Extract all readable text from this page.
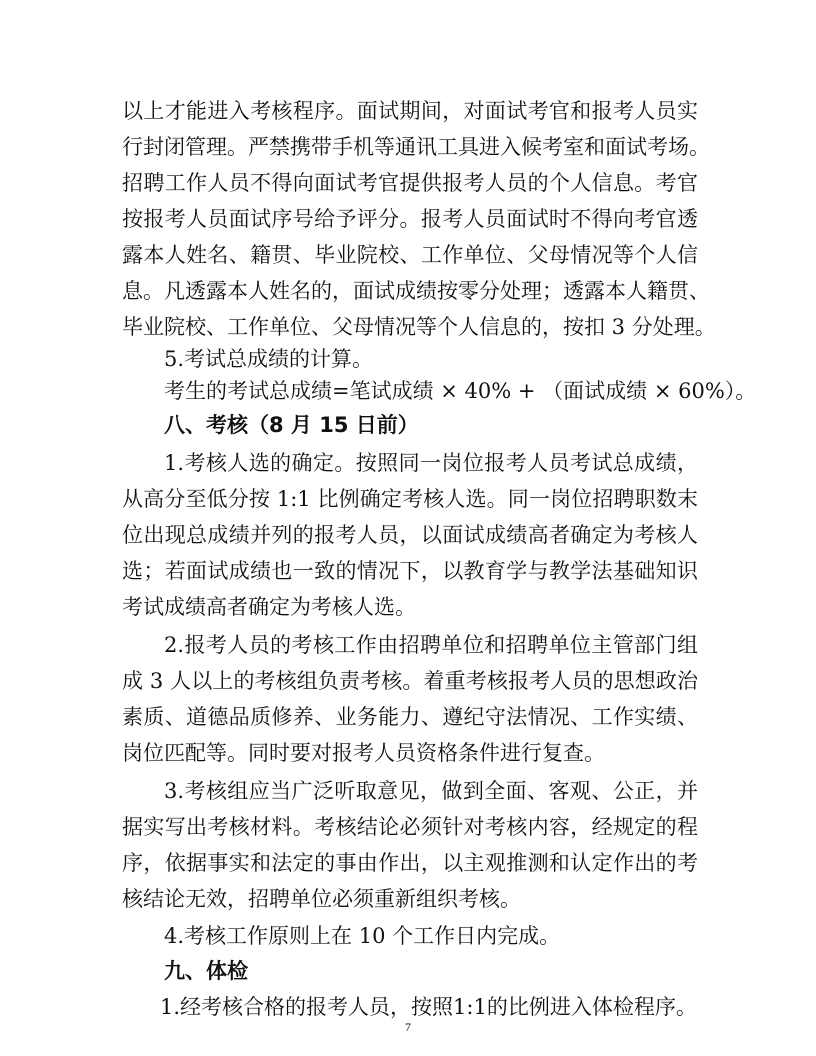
以上才能进入考核程序。面试期间，对面试考官和报考人员实
行封闭管理。严禁携带手机等通讯工具进入候考室和面试考场。
招聘工作人员不得向面试考官提供报考人员的个人信息。考官
按报考人员面试序号给予评分。报考人员面试时不得向考官透
露本人姓名、籍贯、毕业院校、工作单位、父母情况等个人信
息。凡透露本人姓名的，面试成绩按零分处理；透露本人籍贯、
毕业院校、工作单位、父母情况等个人信息的，按扣 3 分处理。
5.考试总成绩的计算。
考生的考试总成绩=笔试成绩 × 40% + （面试成绩 × 60%）。
八、考核（8 月 15 日前）
1.考核人选的确定。按照同一岗位报考人员考试总成绩，
从高分至低分按 1:1 比例确定考核人选。同一岗位招聘职数末
位出现总成绩并列的报考人员，以面试成绩高者确定为考核人
选；若面试成绩也一致的情况下，以教育学与教学法基础知识
考试成绩高者确定为考核人选。
2.报考人员的考核工作由招聘单位和招聘单位主管部门组
成 3 人以上的考核组负责考核。着重考核报考人员的思想政治
素质、道德品质修养、业务能力、遵纪守法情况、工作实绩、
岗位匹配等。同时要对报考人员资格条件进行复查。
3.考核组应当广泛听取意见，做到全面、客观、公正，并
据实写出考核材料。考核结论必须针对考核内容，经规定的程
序，依据事实和法定的事由作出，以主观推测和认定作出的考
核结论无效，招聘单位必须重新组织考核。
4.考核工作原则上在 10 个工作日内完成。
九、体检
1.经考核合格的报考人员，按照1:1的比例进入体检程序。
7
